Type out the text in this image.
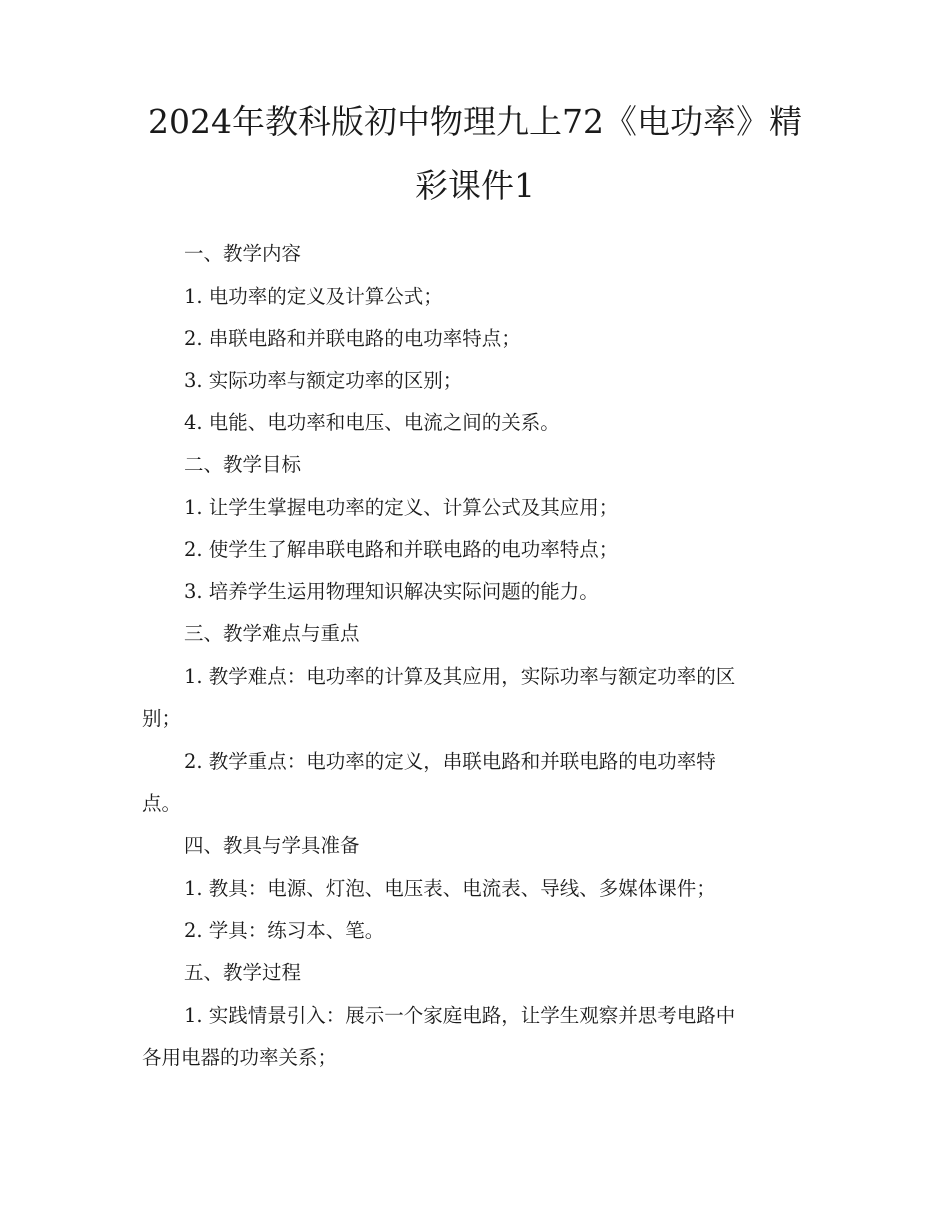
2024年教科版初中物理九上72《电功率》精
彩课件1
一、教学内容
1. 电功率的定义及计算公式；
2. 串联电路和并联电路的电功率特点；
3. 实际功率与额定功率的区别；
4. 电能、电功率和电压、电流之间的关系。
二、教学目标
1. 让学生掌握电功率的定义、计算公式及其应用；
2. 使学生了解串联电路和并联电路的电功率特点；
3. 培养学生运用物理知识解决实际问题的能力。
三、教学难点与重点
1. 教学难点：电功率的计算及其应用，实际功率与额定功率的区
别；
2. 教学重点：电功率的定义，串联电路和并联电路的电功率特
点。
四、教具与学具准备
1. 教具：电源、灯泡、电压表、电流表、导线、多媒体课件；
2. 学具：练习本、笔。
五、教学过程
1. 实践情景引入：展示一个家庭电路，让学生观察并思考电路中
各用电器的功率关系；
